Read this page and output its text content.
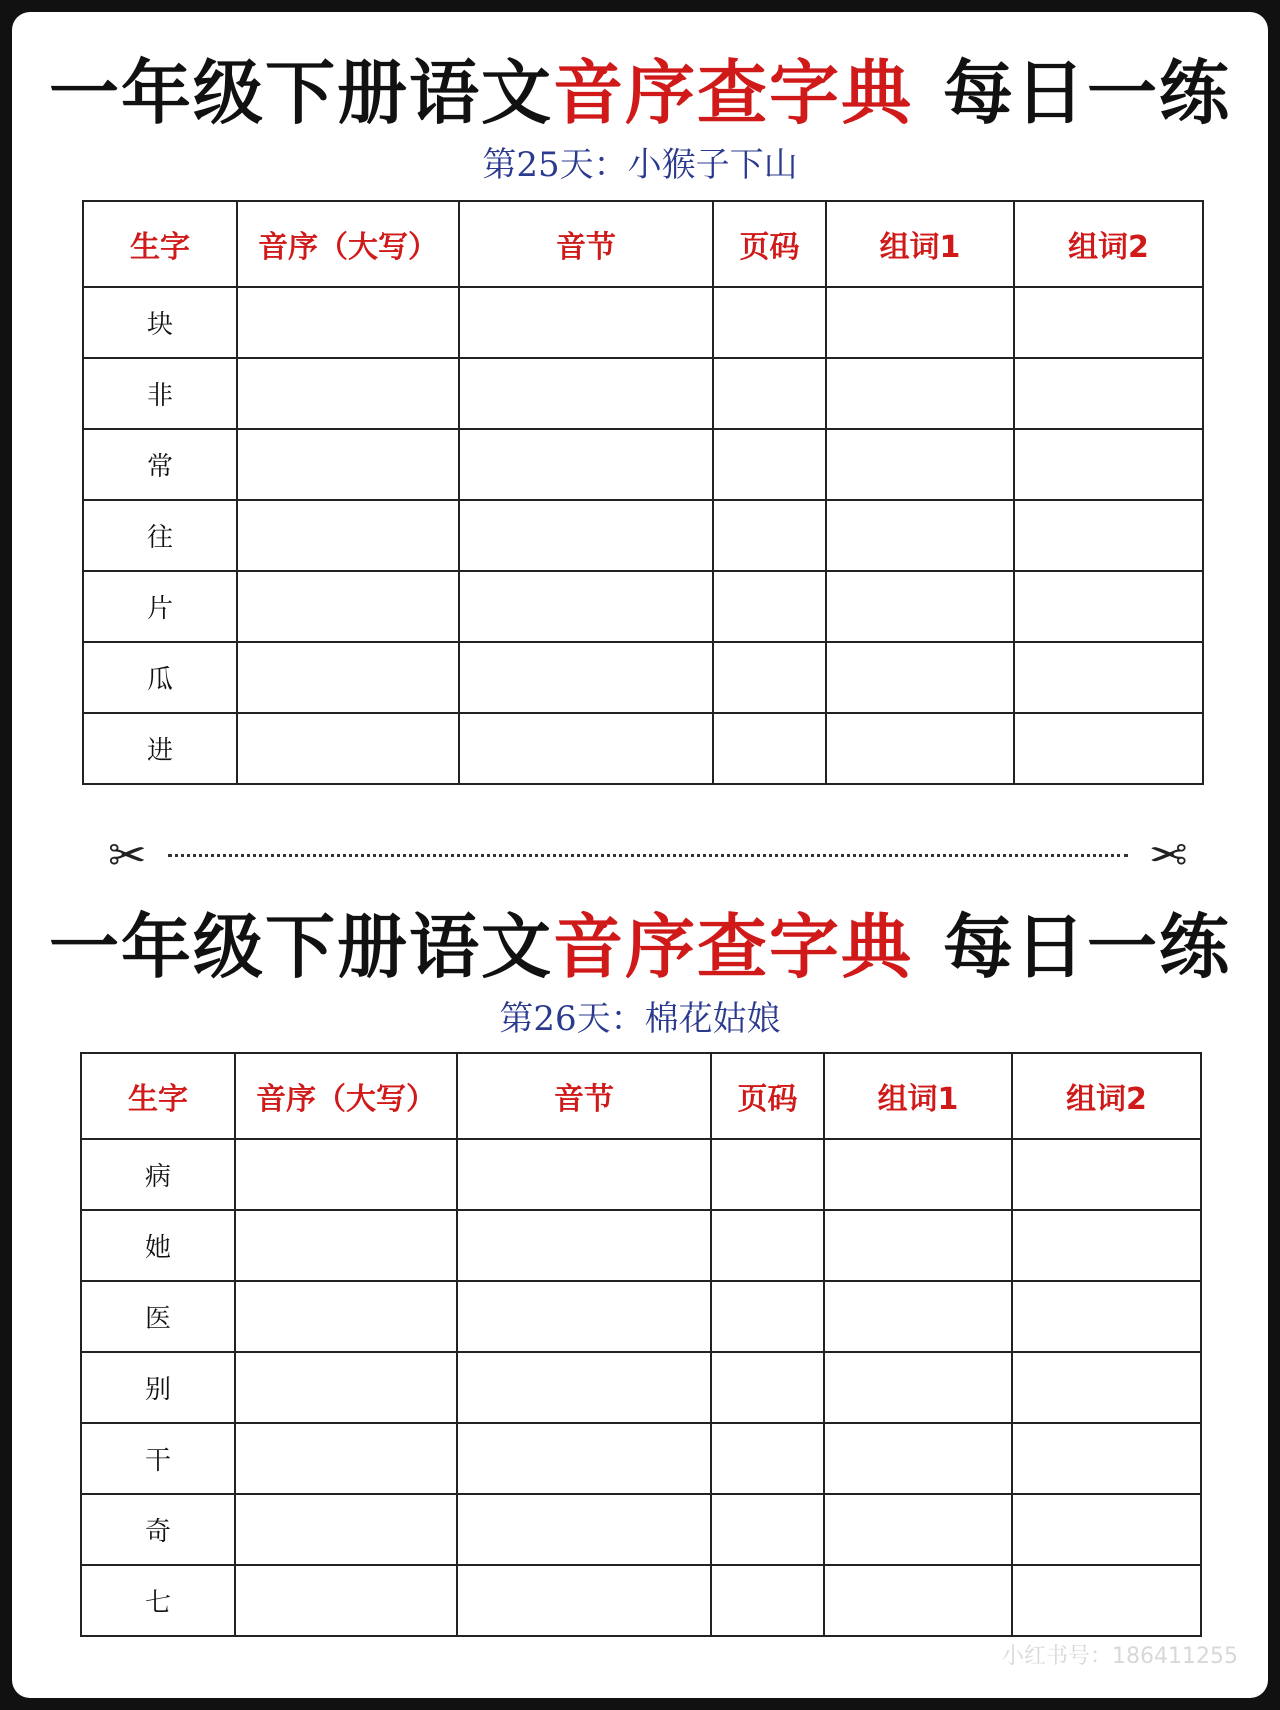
一年级下册语文音序查字典 每日一练
第25天：小猴子下山
生字	音序（大写）	音节	页码	组词1	组词2
块					
非					
常					
往					
片					
瓜					
进					
✂	✂
一年级下册语文音序查字典 每日一练
第26天：棉花姑娘
生字	音序（大写）	音节	页码	组词1	组词2
病					
她					
医					
别					
干					
奇					
七					
小红书号：186411255
